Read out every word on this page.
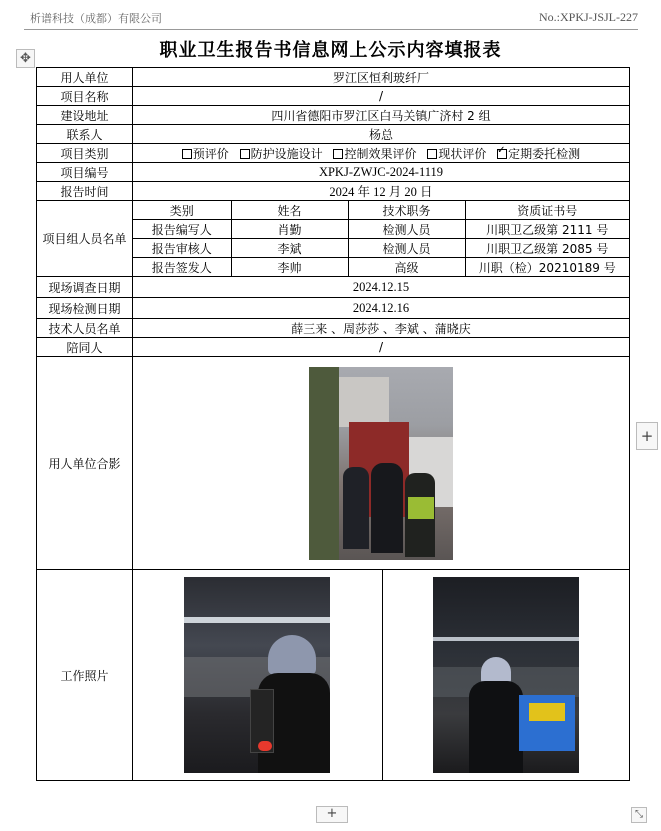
析谱科技（成都）有限公司	No.:XPKJ-JSJL-227
✥	职业卫生报告书信息网上公示内容填报表
用人单位	罗江区恒利玻纤厂
项目名称	/
建设地址	四川省德阳市罗江区白马关镇广济村 2 组
联系人	杨总
项目类别	预评价 防护设施设计 控制效果评价 现状评价 ✓ 定期委托检测
项目编号	XPKJ-ZWJC-2024-1119
报告时间	2024 年 12 月 20 日
项目组人员名单	
类别	姓名	技术职务	资质证书号
报告编写人	肖勤	检测人员	川职卫乙级第 2111 号
报告审核人	李斌	检测人员	川职卫乙级第 2085 号
报告签发人	李帅	高级	川职（检）20210189 号

现场调查日期	2024.12.15
现场检测日期	2024.12.16
技术人员名单	薛三来 、周莎莎 、李斌 、蒲晓庆
陪同人	/
用人单位合影	

工作照片	

+
+	⤡
